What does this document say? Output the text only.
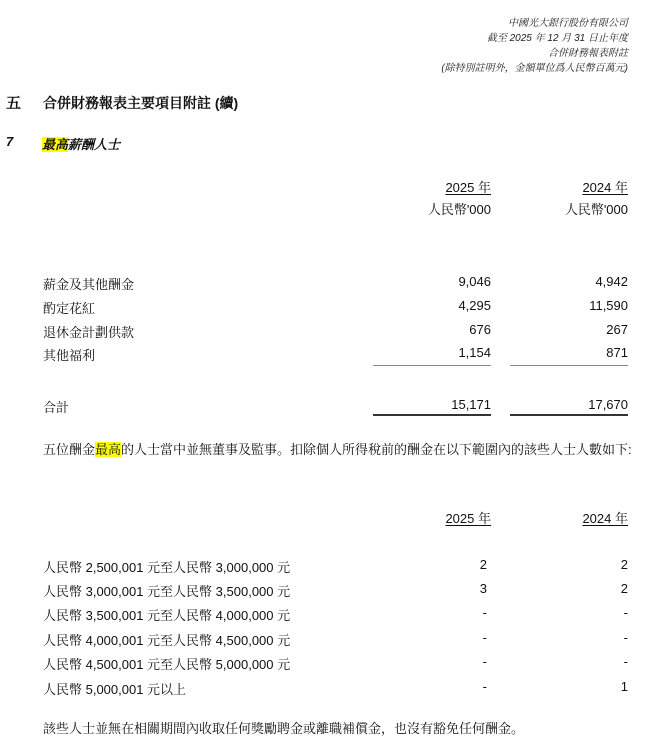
中國光大銀行股份有限公司
截至 2025 年 12 月 31 日止年度
合併財務報表附註
(除特別註明外，金額單位爲人民幣百萬元)
五 合併財務報表主要項目附註 (續)
7 最高薪酬人士
2025 年
人民幣'000
2024 年
人民幣'000
薪金及其他酬金	9,046	4,942
酌定花紅	4,295	11,590
退休金計劃供款	676	267
其他福利	1,154	871
合計	15,171	17,670
五位酬金最高的人士當中並無董事及監事。扣除個人所得稅前的酬金在以下範圍內的該些人士人數如下:
2025 年	2024 年
人民幣 2,500,001 元至人民幣 3,000,000 元	2	2
人民幣 3,000,001 元至人民幣 3,500,000 元	3	2
人民幣 3,500,001 元至人民幣 4,000,000 元	-	-
人民幣 4,000,001 元至人民幣 4,500,000 元	-	-
人民幣 4,500,001 元至人民幣 5,000,000 元	-	-
人民幣 5,000,001 元以上	-	1
該些人士並無在相關期間內收取任何獎勵聘金或離職補償金，也沒有豁免任何酬金。
